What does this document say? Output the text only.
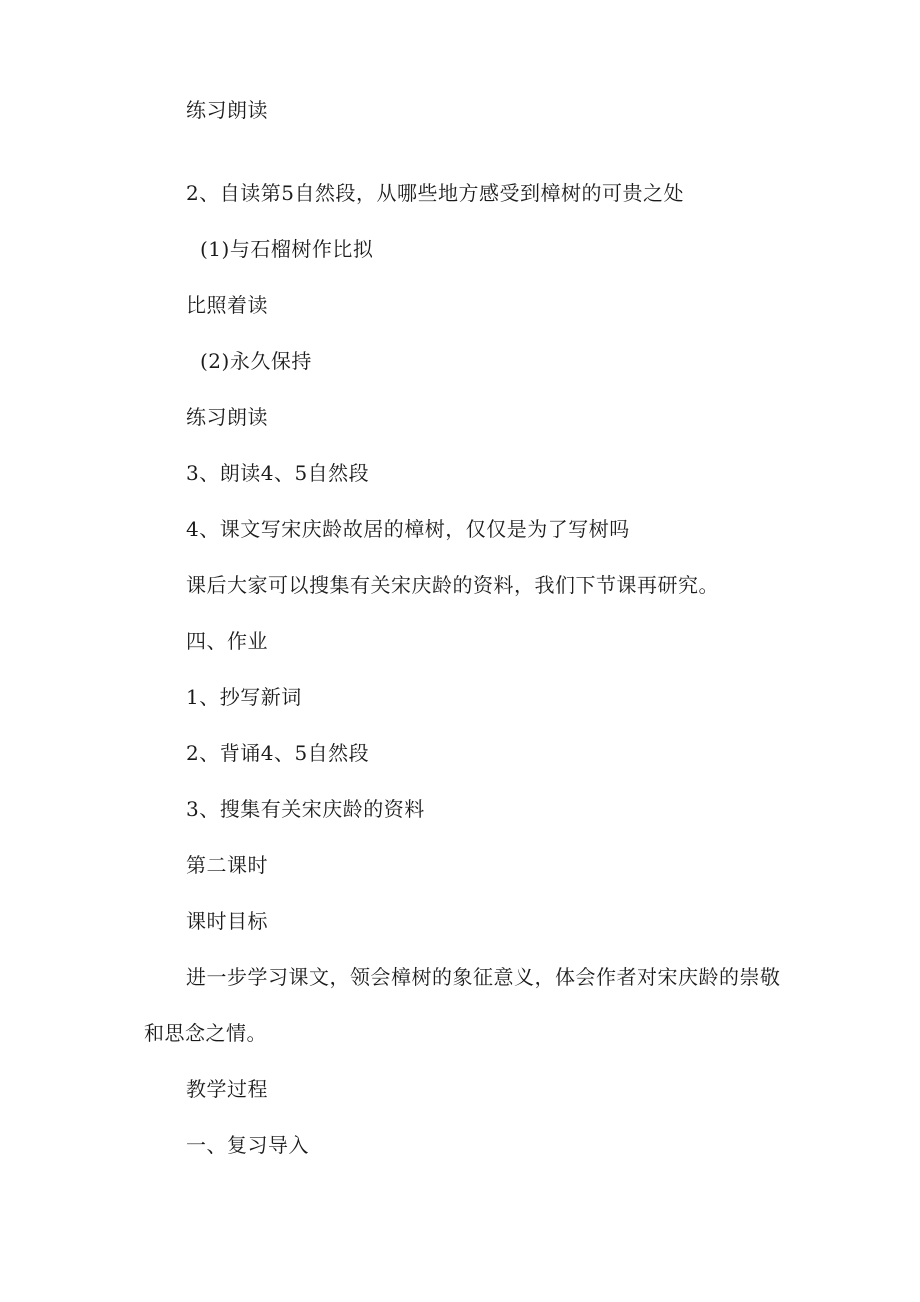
练习朗读

2、自读第5自然段，从哪些地方感受到樟树的可贵之处

(1)与石榴树作比拟

比照着读

(2)永久保持

练习朗读

3、朗读4、5自然段

4、课文写宋庆龄故居的樟树，仅仅是为了写树吗

课后大家可以搜集有关宋庆龄的资料，我们下节课再研究。

四、作业

1、抄写新词

2、背诵4、5自然段

3、搜集有关宋庆龄的资料

第二课时

课时目标

进一步学习课文，领会樟树的象征意义，体会作者对宋庆龄的崇敬

和思念之情。

教学过程

一、复习导入
